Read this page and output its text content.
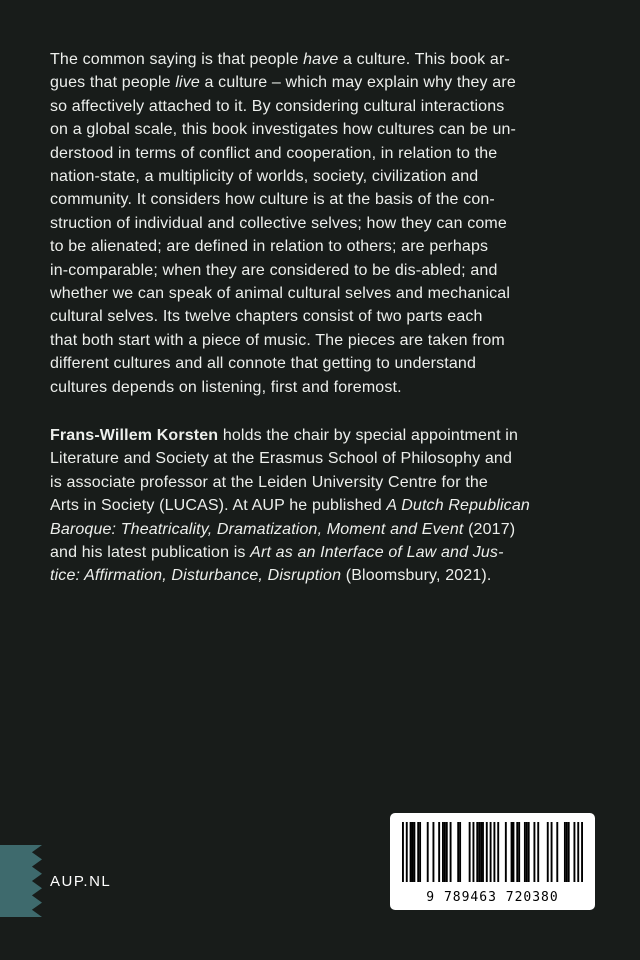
The common saying is that people have a culture. This book ar-
gues that people live a culture – which may explain why they are
so affectively attached to it. By considering cultural interactions
on a global scale, this book investigates how cultures can be un-
derstood in terms of conflict and cooperation, in relation to the
nation-state, a multiplicity of worlds, society, civilization and
community. It considers how culture is at the basis of the con-
struction of individual and collective selves; how they can come
to be alienated; are defined in relation to others; are perhaps
in-comparable; when they are considered to be dis-abled; and
whether we can speak of animal cultural selves and mechanical
cultural selves. Its twelve chapters consist of two parts each
that both start with a piece of music. The pieces are taken from
different cultures and all connote that getting to understand
cultures depends on listening, first and foremost.
Frans-Willem Korsten holds the chair by special appointment in
Literature and Society at the Erasmus School of Philosophy and
is associate professor at the Leiden University Centre for the
Arts in Society (LUCAS). At AUP he published A Dutch Republican
Baroque: Theatricality, Dramatization, Moment and Event (2017)
and his latest publication is Art as an Interface of Law and Jus-
tice: Affirmation, Disturbance, Disruption (Bloomsbury, 2021).
AUP.NL
9 789463 720380
